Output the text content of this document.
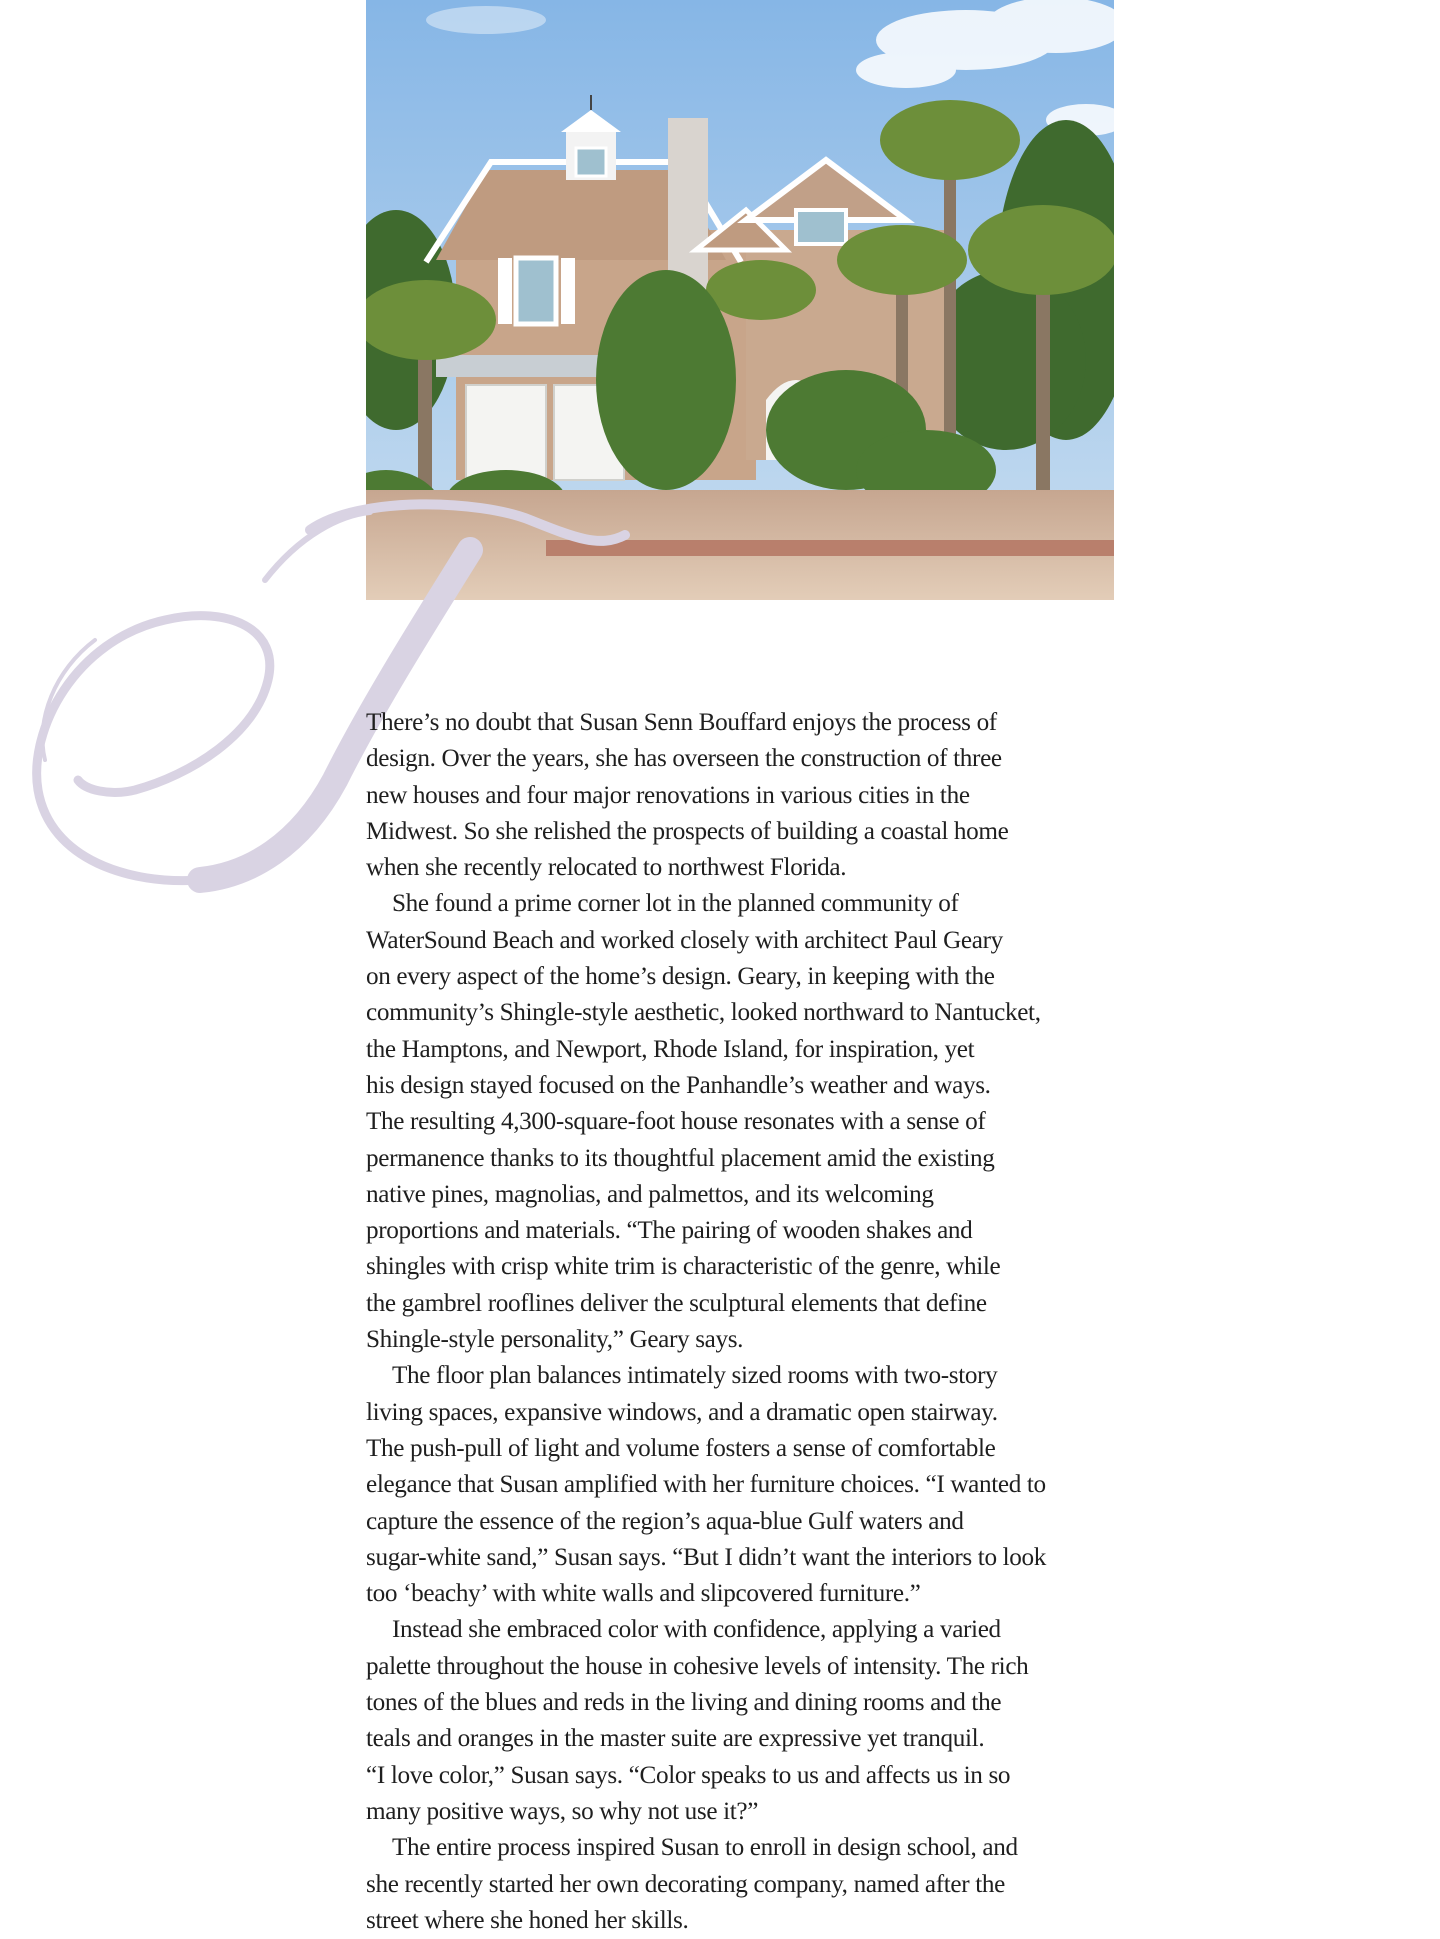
T

There’s no doubt that Susan Senn Bouffard enjoys the process of
design. Over the years, she has overseen the construction of three
new houses and four major renovations in various cities in the
Midwest. So she relished the prospects of building a coastal home
when she recently relocated to northwest Florida.

She found a prime corner lot in the planned community of
WaterSound Beach and worked closely with architect Paul Geary
on every aspect of the home’s design. Geary, in keeping with the
community’s Shingle-style aesthetic, looked northward to Nantucket,
the Hamptons, and Newport, Rhode Island, for inspiration, yet
his design stayed focused on the Panhandle’s weather and ways.
The resulting 4,300-square-foot house resonates with a sense of
permanence thanks to its thoughtful placement amid the existing
native pines, magnolias, and palmettos, and its welcoming
proportions and materials. “The pairing of wooden shakes and
shingles with crisp white trim is characteristic of the genre, while
the gambrel rooflines deliver the sculptural elements that define
Shingle-style personality,” Geary says.

The floor plan balances intimately sized rooms with two-story
living spaces, expansive windows, and a dramatic open stairway.
The push-pull of light and volume fosters a sense of comfortable
elegance that Susan amplified with her furniture choices. “I wanted to
capture the essence of the region’s aqua-blue Gulf waters and
sugar-white sand,” Susan says. “But I didn’t want the interiors to look
too ‘beachy’ with white walls and slipcovered furniture.”

Instead she embraced color with confidence, applying a varied
palette throughout the house in cohesive levels of intensity. The rich
tones of the blues and reds in the living and dining rooms and the
teals and oranges in the master suite are expressive yet tranquil.
“I love color,” Susan says. “Color speaks to us and affects us in so
many positive ways, so why not use it?”

The entire process inspired Susan to enroll in design school, and
she recently started her own decorating company, named after the
street where she honed her skills.
